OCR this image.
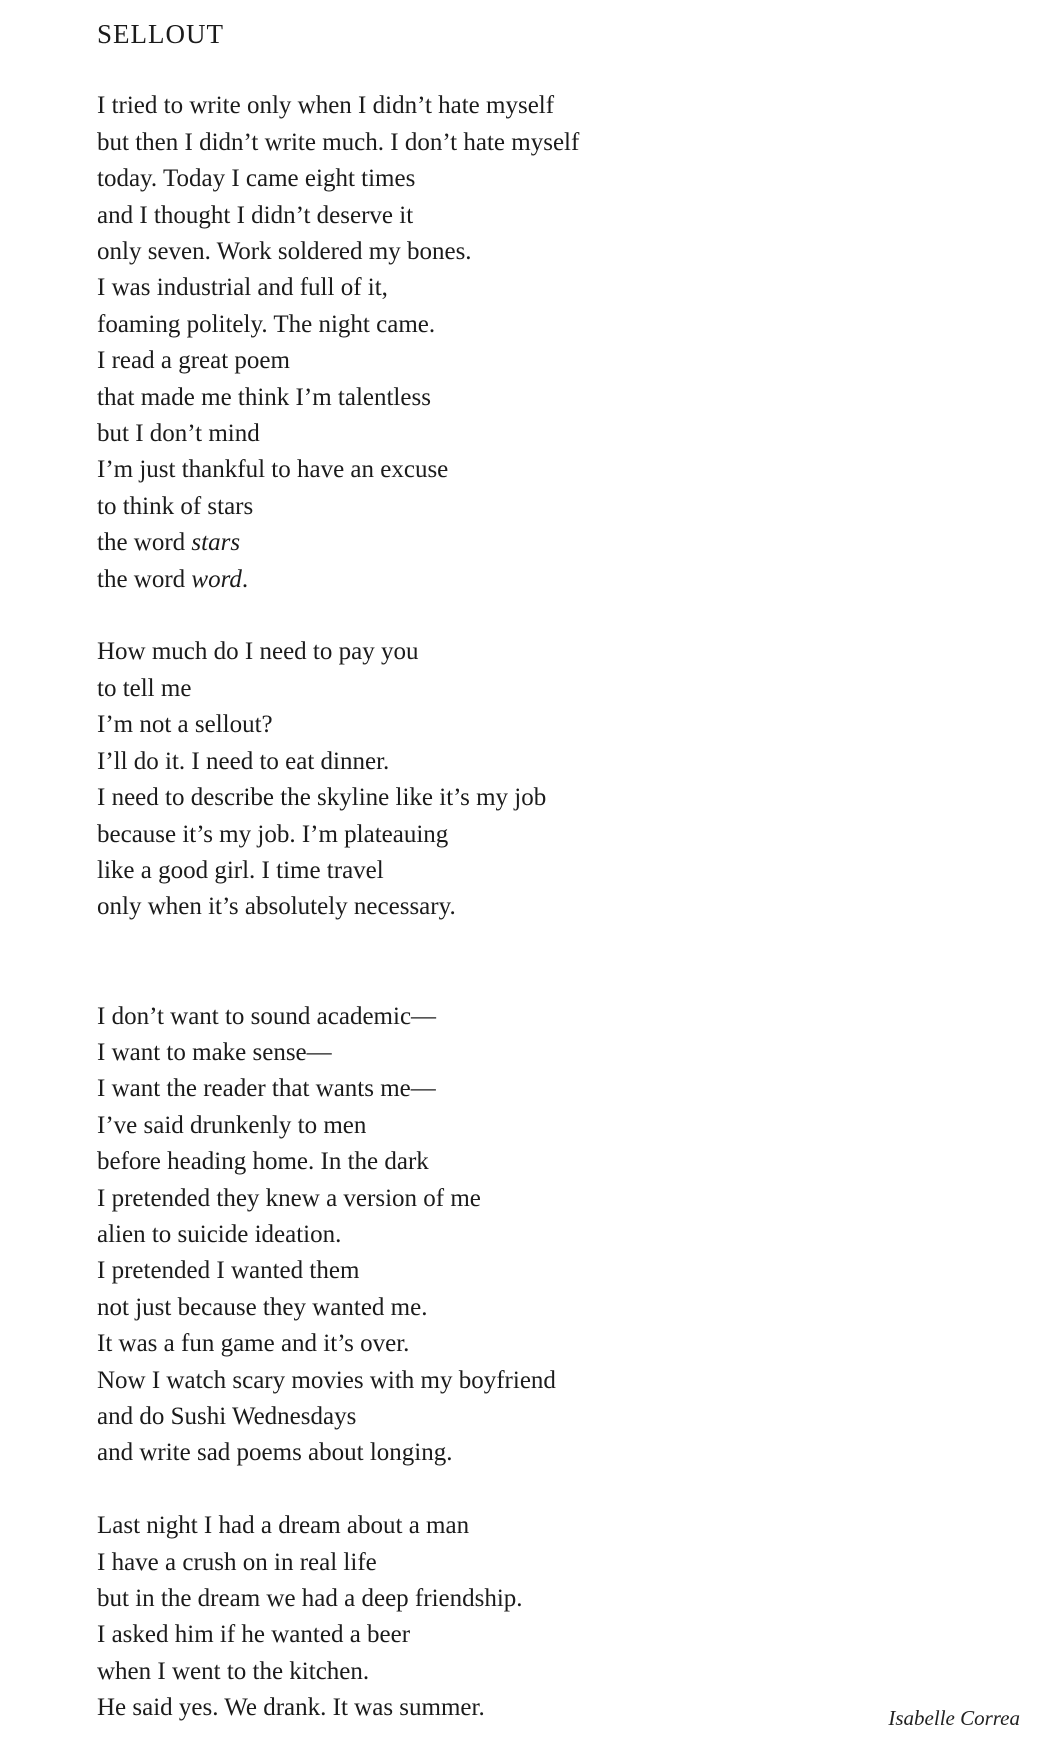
SELLOUT
I tried to write only when I didn’t hate myself
but then I didn’t write much. I don’t hate myself
today. Today I came eight times
and I thought I didn’t deserve it
only seven. Work soldered my bones.
I was industrial and full of it,
foaming politely. The night came.
I read a great poem
that made me think I’m talentless
but I don’t mind
I’m just thankful to have an excuse
to think of stars
the word stars
the word word.
How much do I need to pay you
to tell me
I’m not a sellout?
I’ll do it. I need to eat dinner.
I need to describe the skyline like it’s my job
because it’s my job. I’m plateauing
like a good girl. I time travel
only when it’s absolutely necessary.
I don’t want to sound academic—
I want to make sense—
I want the reader that wants me—
I’ve said drunkenly to men
before heading home. In the dark
I pretended they knew a version of me
alien to suicide ideation.
I pretended I wanted them
not just because they wanted me.
It was a fun game and it’s over.
Now I watch scary movies with my boyfriend
and do Sushi Wednesdays
and write sad poems about longing.
Last night I had a dream about a man
I have a crush on in real life
but in the dream we had a deep friendship.
I asked him if he wanted a beer
when I went to the kitchen.
He said yes. We drank. It was summer.	Isabelle Correa
